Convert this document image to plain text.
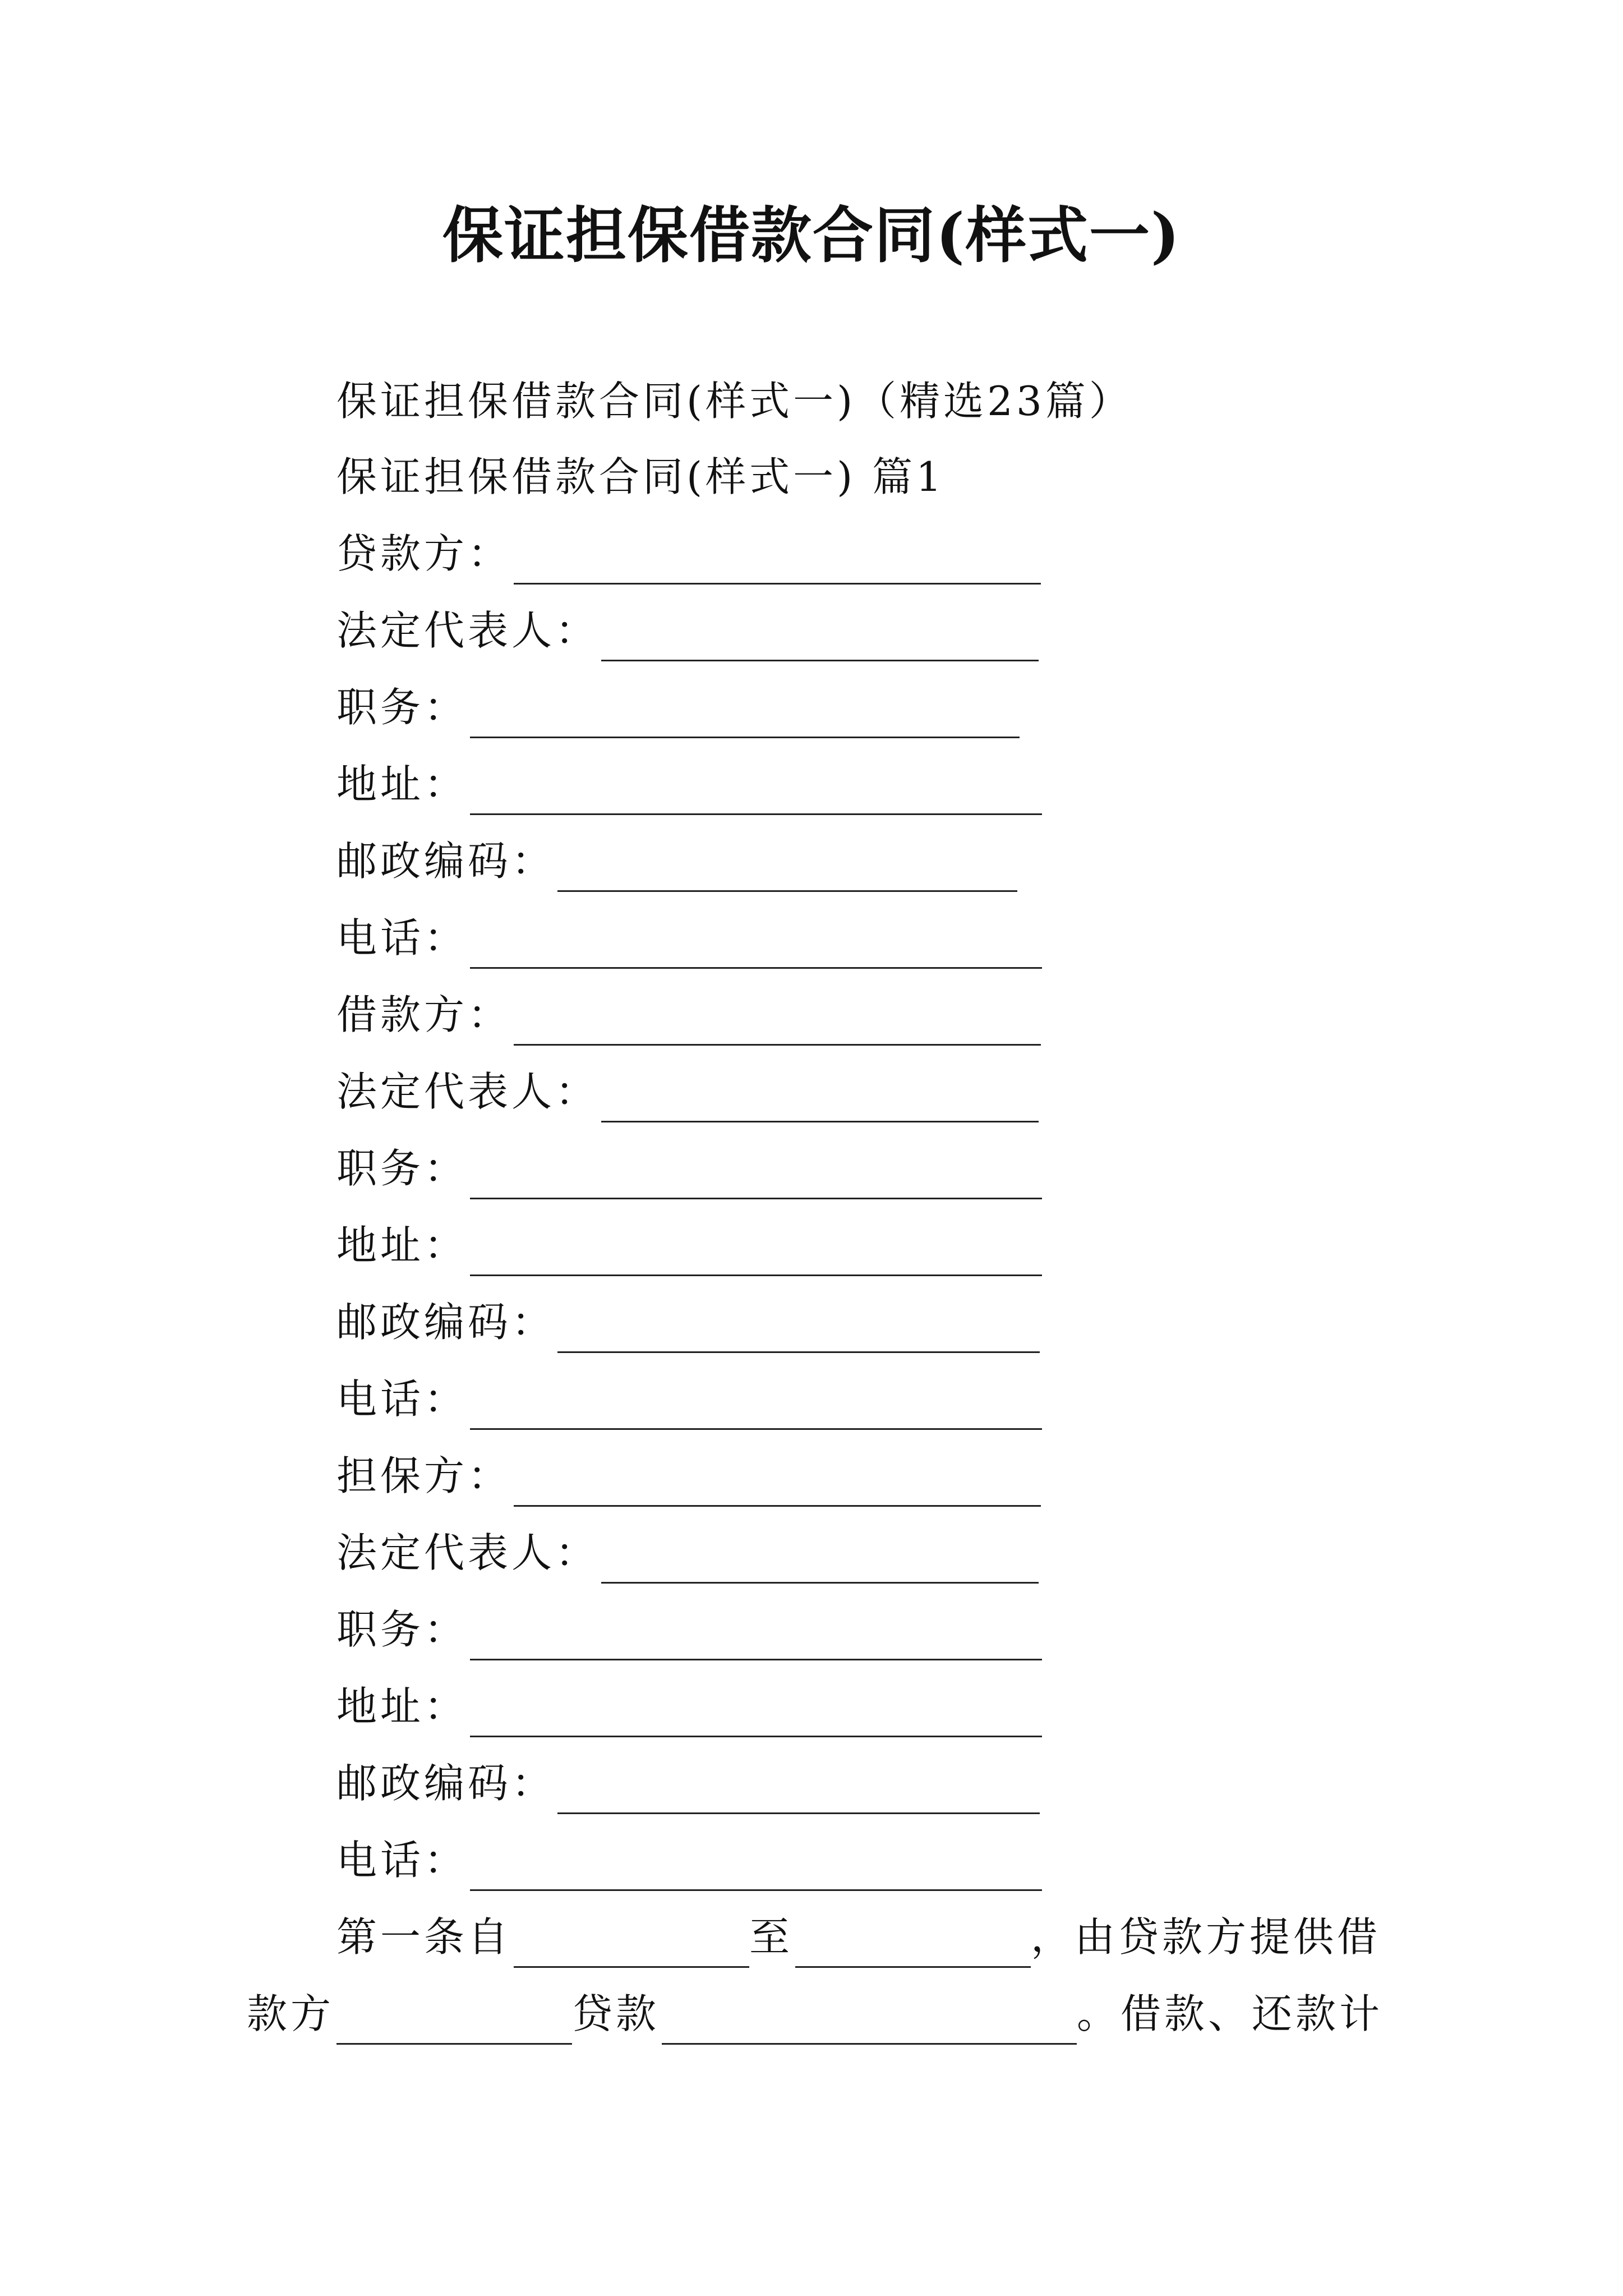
保证担保借款合同(样式一)
保证担保借款合同(样式一)（精选23篇）
保证担保借款合同(样式一) 篇1
贷款方：
法定代表人：
职务：
地址：
邮政编码：
电话：
借款方：
法定代表人：
职务：
地址：
邮政编码：
电话：
担保方：
法定代表人：
职务：
地址：
邮政编码：
电话：
第一条自	至	，由贷款方提供借
款方	贷款	。借款、还款计
